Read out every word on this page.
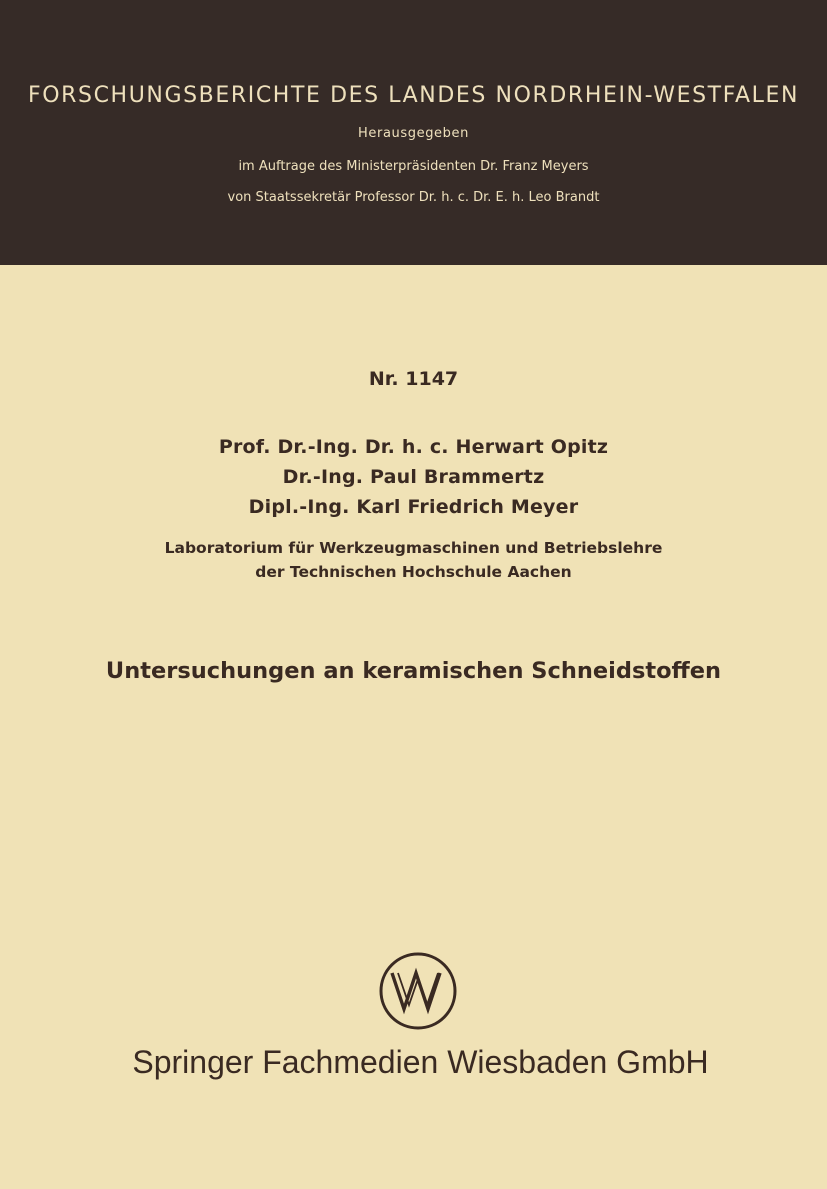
FORSCHUNGSBERICHTE DES LANDES NORDRHEIN-WESTFALEN
Herausgegeben
im Auftrage des Ministerpräsidenten Dr. Franz Meyers
von Staatssekretär Professor Dr. h. c. Dr. E. h. Leo Brandt
Nr. 1147
Prof. Dr.-Ing. Dr. h. c. Herwart Opitz
Dr.-Ing. Paul Brammertz
Dipl.-Ing. Karl Friedrich Meyer
Laboratorium für Werkzeugmaschinen und Betriebslehre
der Technischen Hochschule Aachen
Untersuchungen an keramischen Schneidstoffen
Springer Fachmedien Wiesbaden GmbH
